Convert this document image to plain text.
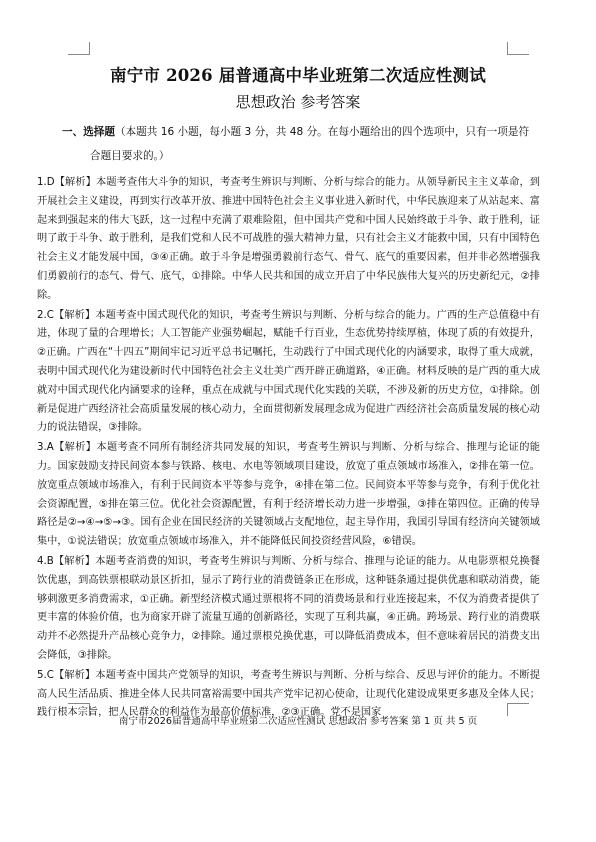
南宁市 2026 届普通高中毕业班第二次适应性测试
思想政治 参考答案
一、选择题（本题共 16 小题，每小题 3 分，共 48 分。在每小题给出的四个选项中，只有一项是符
合题目要求的。）

1.D【解析】本题考查伟大斗争的知识，考查考生辨识与判断、分析与综合的能力。从领导新民主主义革命，到开展社会主义建设，再到实行改革开放、推进中国特色社会主义事业进入新时代，中华民族迎来了从站起来、富起来到强起来的伟大飞跃，这一过程中充满了艰难险阻，但中国共产党和中国人民始终敢于斗争、敢于胜利，证明了敢于斗争、敢于胜利，是我们党和人民不可战胜的强大精神力量，只有社会主义才能救中国，只有中国特色社会主义才能发展中国，③④正确。敢于斗争是增强勇毅前行态气、骨气、底气的重要因素，但并非必然增强我们勇毅前行的态气、骨气、底气，①排除。中华人民共和国的成立开启了中华民族伟大复兴的历史新纪元，②排除。

2.C【解析】本题考查中国式现代化的知识，考查考生辨识与判断、分析与综合的能力。广西的生产总值稳中有进，体现了量的合理增长；人工智能产业强势崛起，赋能千行百业，生态优势持续厚植，体现了质的有效提升，②正确。广西在“十四五”期间牢记习近平总书记嘱托，生动践行了中国式现代化的内涵要求，取得了重大成就，表明中国式现代化为建设新时代中国特色社会主义壮美广西开辟正确道路，④正确。材料反映的是广西的重大成就对中国式现代化内涵要求的诠释，重点在成就与中国式现代化实践的关联，不涉及新的历史方位，①排除。创新是促进广西经济社会高质量发展的核心动力，全面贯彻新发展理念成为促进广西经济社会高质量发展的核心动力的说法错误，③排除。

3.A【解析】本题考查不同所有制经济共同发展的知识，考查考生辨识与判断、分析与综合、推理与论证的能力。国家鼓励支持民间资本参与铁路、核电、水电等领域项目建设，放宽了重点领域市场准入，②排在第一位。放宽重点领域市场准入，有利于民间资本平等参与竞争，④排在第二位。民间资本平等参与竞争，有利于优化社会资源配置，⑤排在第三位。优化社会资源配置，有利于经济增长动力进一步增强，③排在第四位。正确的传导路径是②→④→⑤→③。国有企业在国民经济的关键领域占支配地位，起主导作用，我国引导国有经济向关键领域集中，①说法错误；放宽重点领域市场准入，并不能降低民间投资经营风险，⑥错误。

4.B【解析】本题考查消费的知识，考查考生辨识与判断、分析与综合、推理与论证的能力。从电影票根兑换餐饮优惠，到高铁票根联动景区折扣，显示了跨行业的消费链条正在形成，这种链条通过提供优惠和联动消费，能够刺激更多消费需求，①正确。新型经济模式通过票根将不同的消费场景和行业连接起来，不仅为消费者提供了更丰富的体验价值，也为商家开辟了流量互通的创新路径，实现了互利共赢，④正确。跨场景、跨行业的消费联动并不必然提升产品核心竞争力，②排除。通过票根兑换优惠，可以降低消费成本，但不意味着居民的消费支出会降低，③排除。

5.C【解析】本题考查中国共产党领导的知识，考查考生辨识与判断、分析与综合、反思与评价的能力。不断提高人民生活品质、推进全体人民共同富裕需要中国共产党牢记初心使命，让现代化建设成果更多惠及全体人民；践行根本宗旨，把人民群众的利益作为最高价值标准，②③正确。党不是国家

南宁市2026届普通高中毕业班第二次适应性测试 思想政治 参考答案 第 1 页 共 5 页
